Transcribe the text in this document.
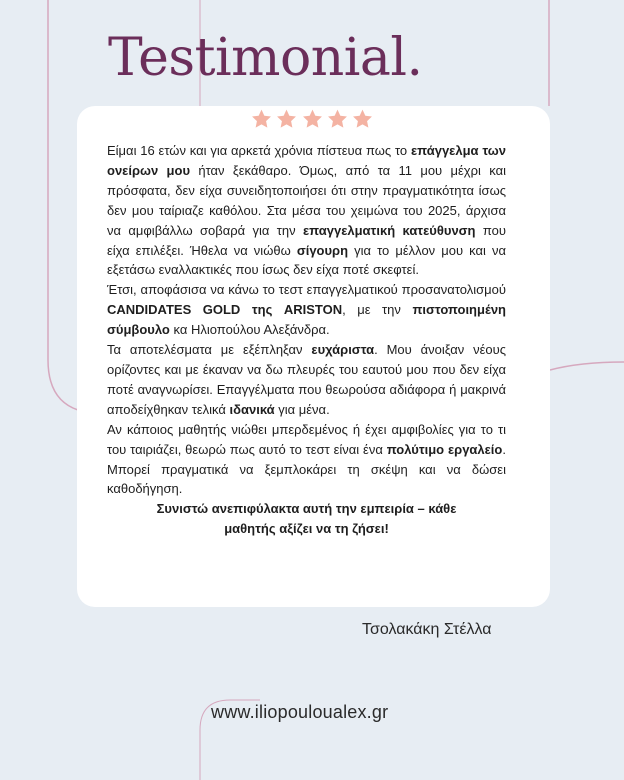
Testimonial.

Είμαι 16 ετών και για αρκετά χρόνια πίστευα πως το επάγγελμα των ονείρων μου ήταν ξεκάθαρο. Όμως, από τα 11 μου μέχρι και πρόσφατα, δεν είχα συνειδητοποιήσει ότι στην πραγματικότητα ίσως δεν μου ταίριαζε καθόλου. Στα μέσα του χειμώνα του 2025, άρχισα να αμφιβάλλω σοβαρά για την επαγγελματική κατεύθυνση που είχα επιλέξει. Ήθελα να νιώθω σίγουρη για το μέλλον μου και να εξετάσω εναλλακτικές που ίσως δεν είχα ποτέ σκεφτεί.

Έτσι, αποφάσισα να κάνω το τεστ επαγγελματικού προσανατολισμού CANDIDATES GOLD της ARISTON, με την πιστοποιημένη σύμβουλο κα Ηλιοπούλου Αλεξάνδρα.

Τα αποτελέσματα με εξέπληξαν ευχάριστα. Μου άνοιξαν νέους ορίζοντες και με έκαναν να δω πλευρές του εαυτού μου που δεν είχα ποτέ αναγνωρίσει. Επαγγέλματα που θεωρούσα αδιάφορα ή μακρινά αποδείχθηκαν τελικά ιδανικά για μένα.

Αν κάποιος μαθητής νιώθει μπερδεμένος ή έχει αμφιβολίες για το τι του ταιριάζει, θεωρώ πως αυτό το τεστ είναι ένα πολύτιμο εργαλείο. Μπορεί πραγματικά να ξεμπλοκάρει τη σκέψη και να δώσει καθοδήγηση.

Συνιστώ ανεπιφύλακτα αυτή την εμπειρία – κάθε
μαθητής αξίζει να τη ζήσει!

Τσολακάκη Στέλλα
www.iliopouloualex.gr
